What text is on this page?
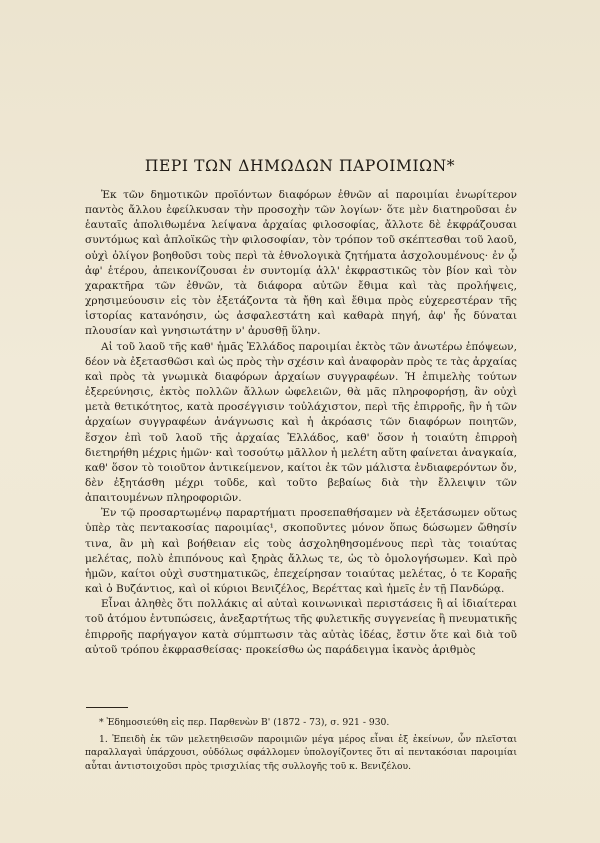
ΠΕΡΙ ΤΩΝ ΔΗΜΩΔΩΝ ΠΑΡΟΙΜΙΩΝ*

Ἐκ τῶν δημοτικῶν προϊόντων διαφόρων ἐθνῶν αἱ παροιμίαι ἐνωρίτερον παντὸς ἄλλου ἐφείλκυσαν τὴν προσοχὴν τῶν λογίων· ὅτε μὲν διατηροῦσαι ἐν ἑαυταῖς ἀπολιθωμένα λείψανα ἀρχαίας φιλοσοφίας, ἄλλοτε δὲ ἐκφράζουσαι συντόμως καὶ ἁπλοϊκῶς τὴν φιλοσοφίαν, τὸν τρόπον τοῦ σκέπτεσθαι τοῦ λαοῦ, οὐχὶ ὀλίγον βοηθοῦσι τοὺς περὶ τὰ ἐθνολογικὰ ζητήματα ἀσχολουμένους· ἐν ᾧ ἀφ' ἑτέρου, ἀπεικονίζουσαι ἐν συντομίᾳ ἀλλ' ἐκφραστικῶς τὸν βίον καὶ τὸν χαρακτῆρα τῶν ἐθνῶν, τὰ διάφορα αὐτῶν ἔθιμα καὶ τὰς προλήψεις, χρησιμεύουσιν εἰς τὸν ἐξετάζοντα τὰ ἤθη καὶ ἔθιμα πρὸς εὐχερεστέραν τῆς ἱστορίας κατανόησιν, ὡς ἀσφαλεστάτη καὶ καθαρὰ πηγή, ἀφ' ἧς δύναται πλουσίαν καὶ γνησιωτάτην ν' ἀρυσθῇ ὕλην.

Αἱ τοῦ λαοῦ τῆς καθ' ἡμᾶς Ἑλλάδος παροιμίαι ἐκτὸς τῶν ἀνωτέρω ἐπόψεων, δέον νὰ ἐξετασθῶσι καὶ ὡς πρὸς τὴν σχέσιν καὶ ἀναφορὰν πρὸς τε τὰς ἀρχαίας καὶ πρὸς τὰ γνωμικὰ διαφόρων ἀρχαίων συγγραφέων. Ἡ ἐπιμελὴς τούτων ἐξερεύνησις, ἐκτὸς πολλῶν ἄλλων ὠφελειῶν, θὰ μᾶς πληροφορήσῃ, ἂν οὐχὶ μετὰ θετικότητος, κατὰ προσέγγισιν τοὐλάχιστον, περὶ τῆς ἐπιρροῆς, ἣν ἡ τῶν ἀρχαίων συγγραφέων ἀνάγνωσις καὶ ἡ ἀκρόασις τῶν διαφόρων ποιητῶν, ἔσχον ἐπὶ τοῦ λαοῦ τῆς ἀρχαίας Ἑλλάδος, καθ' ὅσον ἡ τοιαύτη ἐπιρροὴ διετηρήθη μέχρις ἡμῶν· καὶ τοσούτῳ μᾶλλον ἡ μελέτη αὕτη φαίνεται ἀναγκαία, καθ' ὅσον τὸ τοιοῦτον ἀντικείμενον, καίτοι ἐκ τῶν μάλιστα ἐνδιαφερόντων ὄν, δὲν ἐξητάσθη μέχρι τοῦδε, καὶ τοῦτο βεβαίως διὰ τὴν ἔλλειψιν τῶν ἀπαιτουμένων πληροφοριῶν.

Ἐν τῷ προσαρτωμένῳ παραρτήματι προσεπαθήσαμεν νὰ ἐξετάσωμεν οὕτως ὑπὲρ τὰς πεντακοσίας παροιμίας¹, σκοποῦντες μόνον ὅπως δώσωμεν ὤθησίν τινα, ἂν μὴ καὶ βοήθειαν εἰς τοὺς ἀσχοληθησομένους περὶ τὰς τοιαύτας μελέτας, πολὺ ἐπιπόνους καὶ ξηρὰς ἄλλως τε, ὡς τὸ ὁμολογήσωμεν. Καὶ πρὸ ἡμῶν, καίτοι οὐχὶ συστηματικῶς, ἐπεχείρησαν τοιαύτας μελέτας, ὁ τε Κοραῆς καὶ ὁ Βυζάντιος, καὶ οἱ κύριοι Βενιζέλος, Βερέττας καὶ ἡμεῖς ἐν τῇ Πανδώρᾳ.

Εἶναι ἀληθὲς ὅτι πολλάκις αἱ αὐταὶ κοινωνικαὶ περιστάσεις ἢ αἱ ἰδιαίτεραι τοῦ ἀτόμου ἐντυπώσεις, ἀνεξαρτήτως τῆς φυλετικῆς συγγενείας ἢ πνευματικῆς ἐπιρροῆς παρήγαγον κατὰ σύμπτωσιν τὰς αὐτὰς ἰδέας, ἔστιν ὅτε καὶ διὰ τοῦ αὐτοῦ τρόπου ἐκφρασθείσας· προκείσθω ὡς παράδειγμα ἱκανὸς ἀριθμὸς

* Ἐδημοσιεύθη εἰς περ. Παρθενὼν Β' (1872 - 73), σ. 921 - 930.

1. Ἐπειδὴ ἐκ τῶν μελετηθεισῶν παροιμιῶν μέγα μέρος εἶναι ἐξ ἐκείνων, ὧν πλεῖσται παραλλαγαὶ ὑπάρχουσι, οὐδόλως σφάλλομεν ὑπολογίζοντες ὅτι αἱ πεντακόσιαι παροιμίαι αὗται ἀντιστοιχοῦσι πρὸς τρισχιλίας τῆς συλλογῆς τοῦ κ. Βενιζέλου.
